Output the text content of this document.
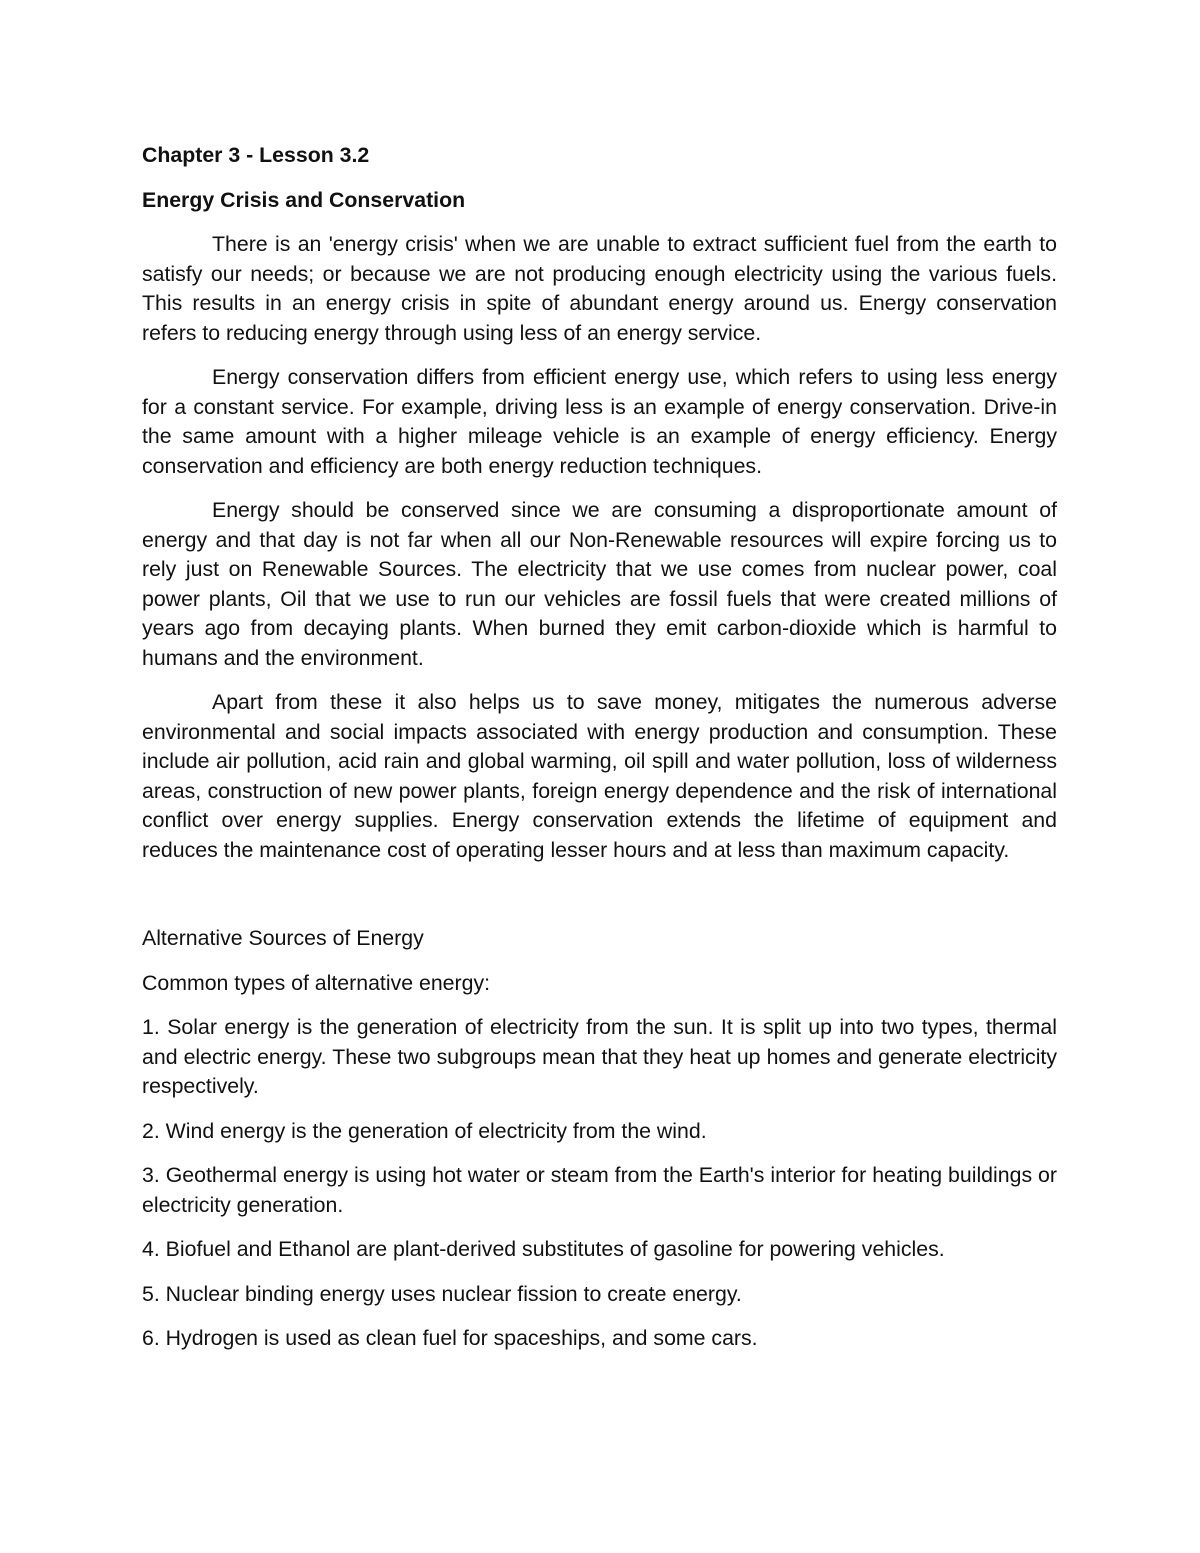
Chapter 3 - Lesson 3.2

Energy Crisis and Conservation

There is an 'energy crisis' when we are unable to extract sufficient fuel from the earth to satisfy our needs; or because we are not producing enough electricity using the various fuels. This results in an energy crisis in spite of abundant energy around us. Energy conservation refers to reducing energy through using less of an energy service.

Energy conservation differs from efficient energy use, which refers to using less energy for a constant service. For example, driving less is an example of energy conservation. Drive-in the same amount with a higher mileage vehicle is an example of energy efficiency. Energy conservation and efficiency are both energy reduction techniques.

Energy should be conserved since we are consuming a disproportionate amount of energy and that day is not far when all our Non-Renewable resources will expire forcing us to rely just on Renewable Sources. The electricity that we use comes from nuclear power, coal power plants, Oil that we use to run our vehicles are fossil fuels that were created millions of years ago from decaying plants. When burned they emit carbon-dioxide which is harmful to humans and the environment.

Apart from these it also helps us to save money, mitigates the numerous adverse environmental and social impacts associated with energy production and consumption. These include air pollution, acid rain and global warming, oil spill and water pollution, loss of wilderness areas, construction of new power plants, foreign energy dependence and the risk of international conflict over energy supplies. Energy conservation extends the lifetime of equipment and reduces the maintenance cost of operating lesser hours and at less than maximum capacity.

Alternative Sources of Energy

Common types of alternative energy:

1. Solar energy is the generation of electricity from the sun. It is split up into two types, thermal and electric energy. These two subgroups mean that they heat up homes and generate electricity respectively.

2. Wind energy is the generation of electricity from the wind.

3. Geothermal energy is using hot water or steam from the Earth's interior for heating buildings or electricity generation.

4. Biofuel and Ethanol are plant-derived substitutes of gasoline for powering vehicles.

5. Nuclear binding energy uses nuclear fission to create energy.

6. Hydrogen is used as clean fuel for spaceships, and some cars.
